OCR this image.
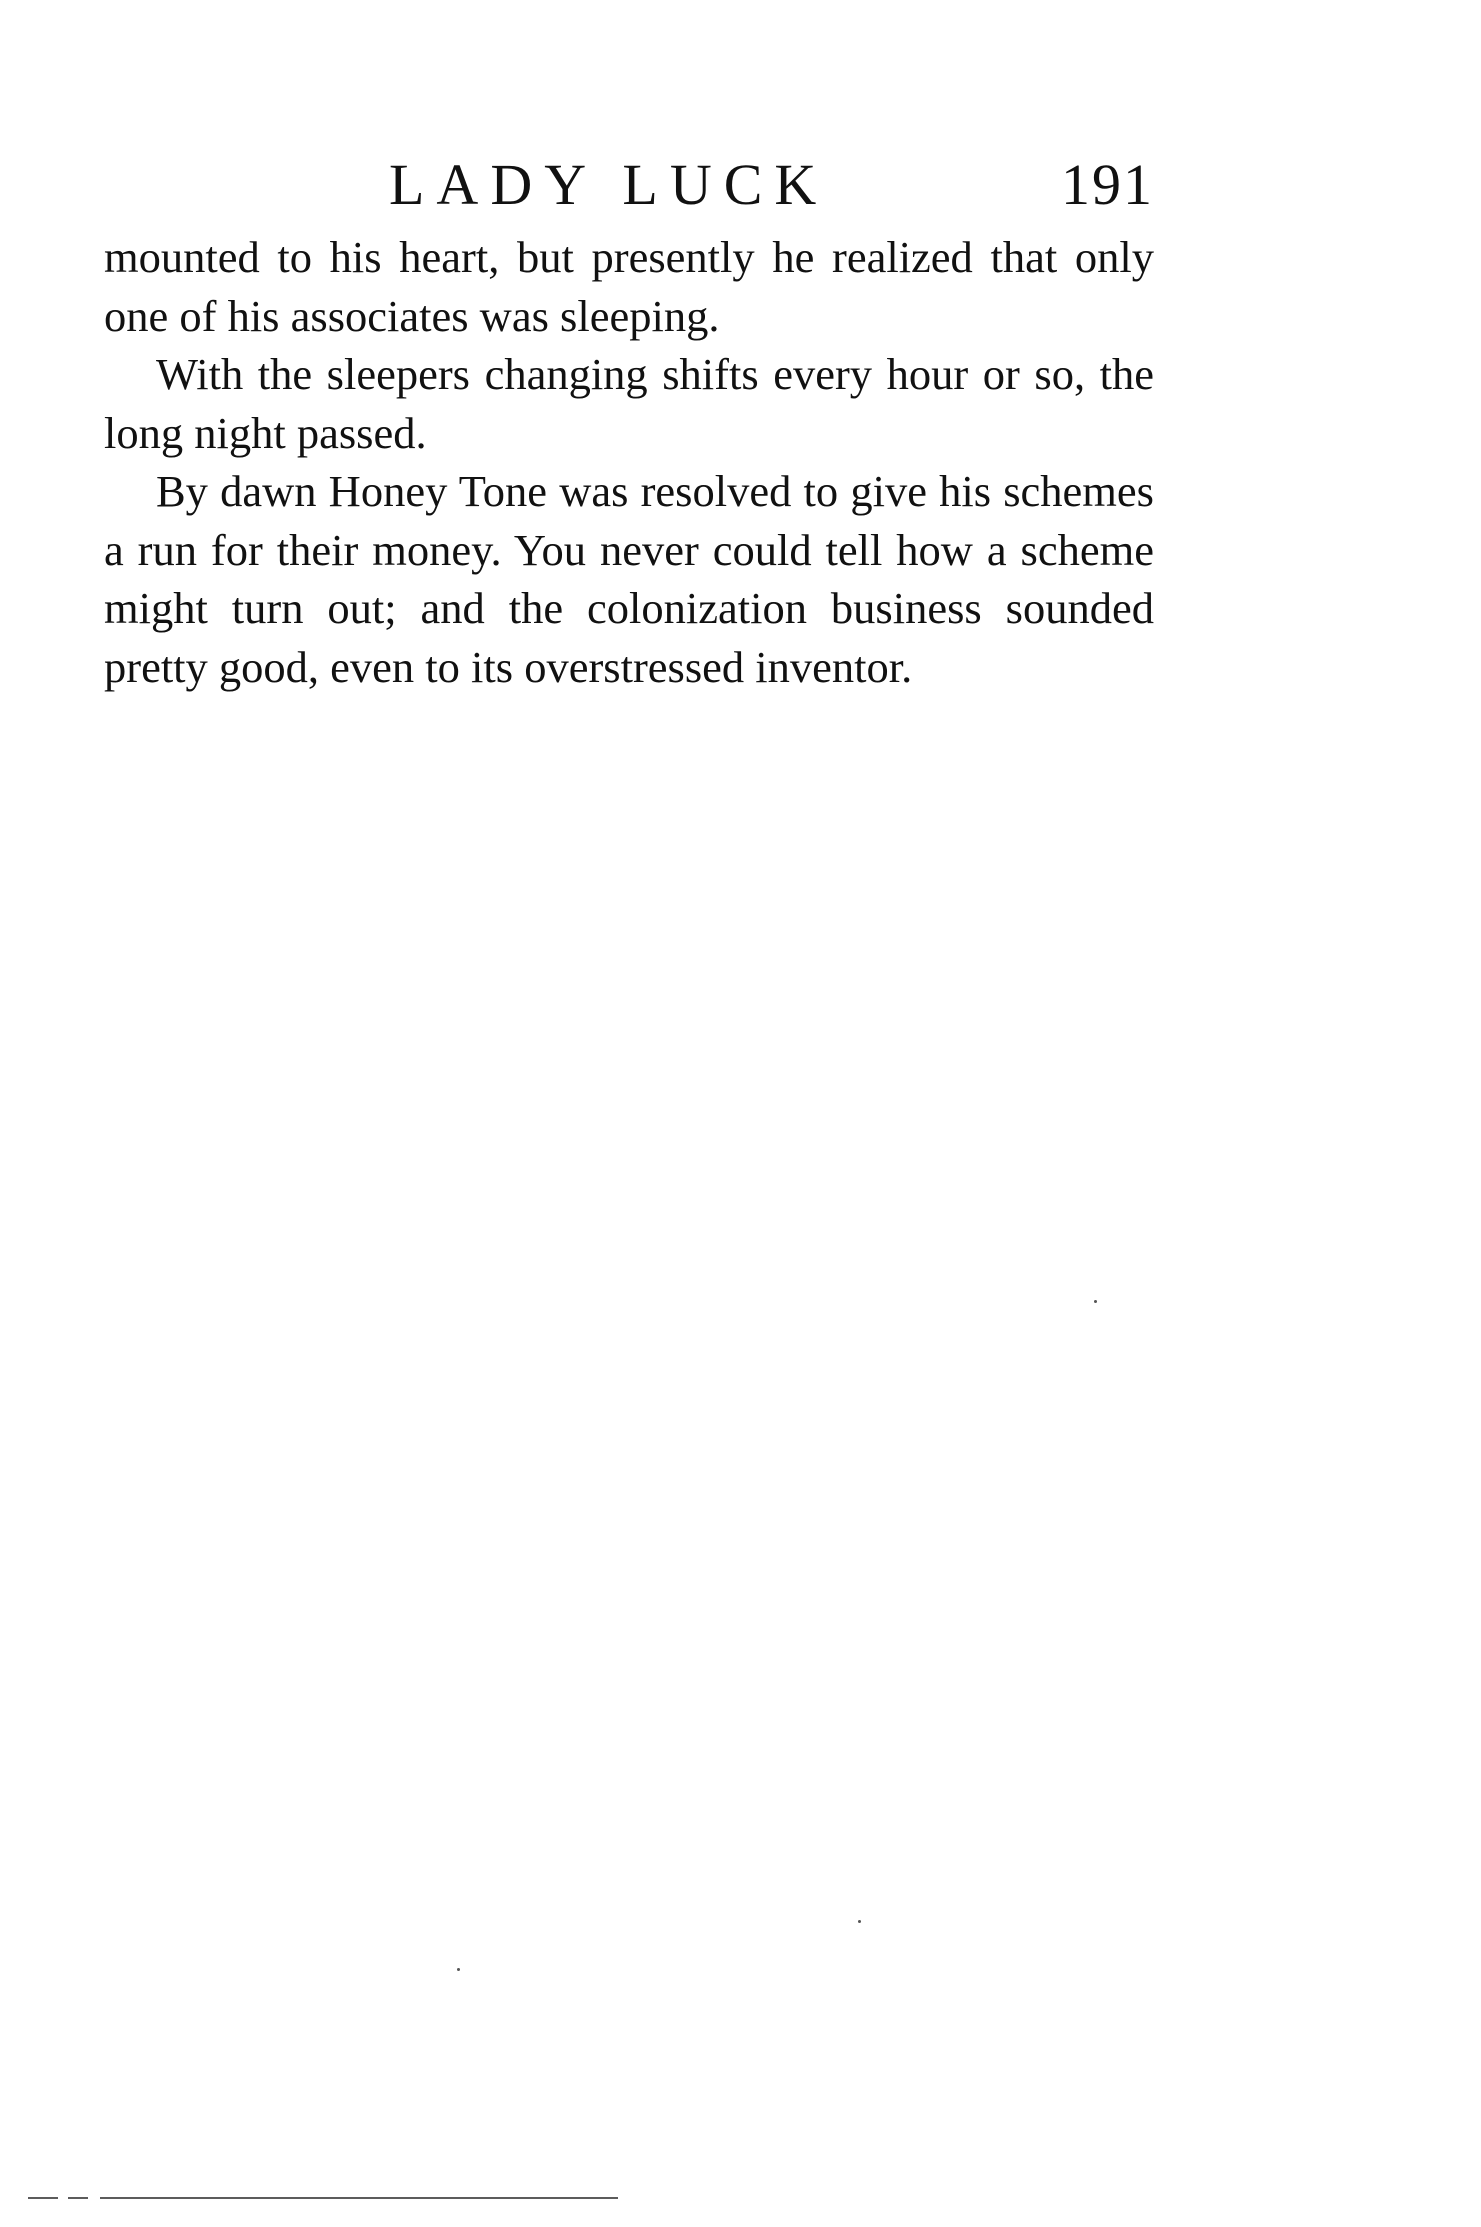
LADY LUCK	191

mounted to his heart, but presently he realized that only one of his associates was sleeping.

With the sleepers changing shifts every hour or so, the long night passed.

By dawn Honey Tone was resolved to give his schemes a run for their money. You never could tell how a scheme might turn out; and the colonization business sounded pretty good, even to its overstressed inventor.
